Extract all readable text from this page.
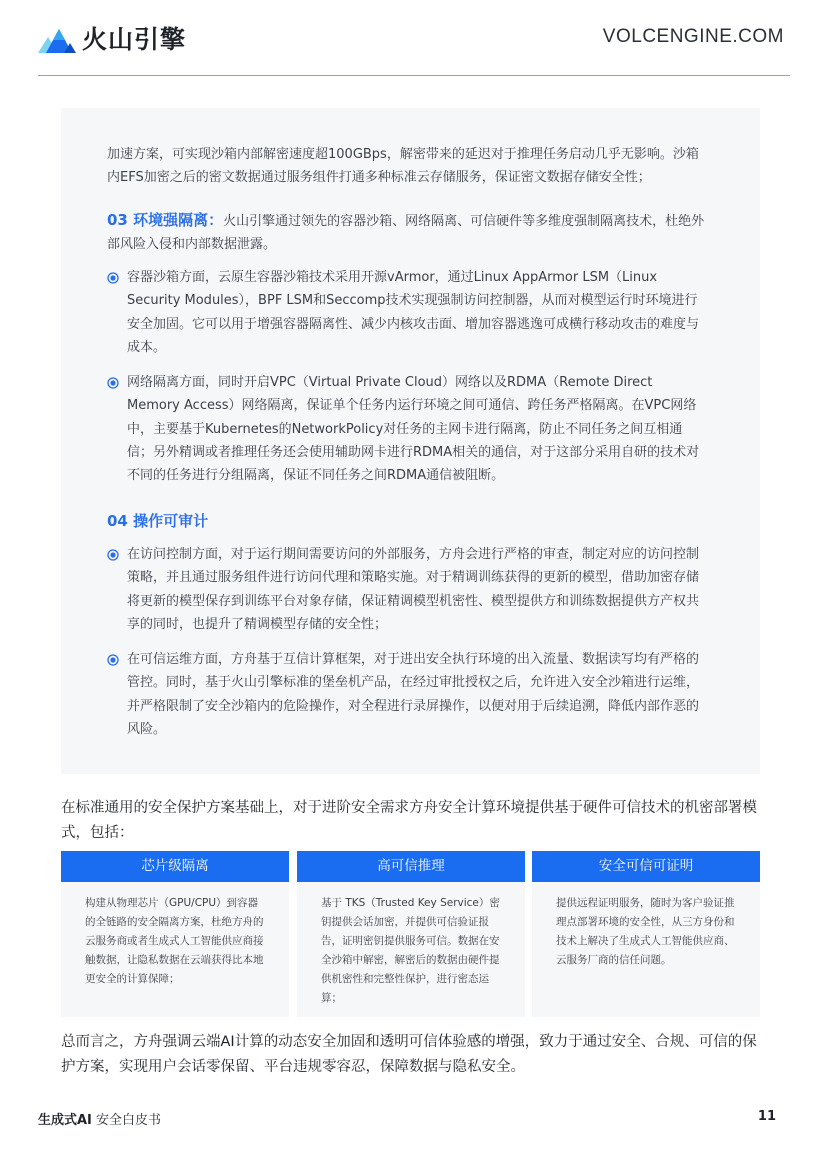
火山引擎	VOLCENGINE.COM
加速方案，可实现沙箱内部解密速度超100GBps，解密带来的延迟对于推理任务启动几乎无影响。沙箱内EFS加密之后的密文数据通过服务组件打通多种标准云存储服务，保证密文数据存储安全性；
03 环境强隔离：火山引擎通过领先的容器沙箱、网络隔离、可信硬件等多维度强制隔离技术，杜绝外部风险入侵和内部数据泄露。
容器沙箱方面，云原生容器沙箱技术采用开源vArmor，通过Linux AppArmor LSM（Linux Security Modules），BPF LSM和Seccomp技术实现强制访问控制器，从而对模型运行时环境进行安全加固。它可以用于增强容器隔离性、减少内核攻击面、增加容器逃逸可成横行移动攻击的难度与成本。
网络隔离方面，同时开启VPC（Virtual Private Cloud）网络以及RDMA（Remote Direct Memory Access）网络隔离，保证单个任务内运行环境之间可通信、跨任务严格隔离。在VPC网络中，主要基于Kubernetes的NetworkPolicy对任务的主网卡进行隔离，防止不同任务之间互相通信；另外精调或者推理任务还会使用辅助网卡进行RDMA相关的通信，对于这部分采用自研的技术对不同的任务进行分组隔离，保证不同任务之间RDMA通信被阻断。
04 操作可审计
在访问控制方面，对于运行期间需要访问的外部服务，方舟会进行严格的审查，制定对应的访问控制策略，并且通过服务组件进行访问代理和策略实施。对于精调训练获得的更新的模型，借助加密存储将更新的模型保存到训练平台对象存储，保证精调模型机密性、模型提供方和训练数据提供方产权共享的同时，也提升了精调模型存储的安全性；
在可信运维方面，方舟基于互信计算框架，对于进出安全执行环境的出入流量、数据读写均有严格的管控。同时，基于火山引擎标准的堡垒机产品，在经过审批授权之后，允许进入安全沙箱进行运维，并严格限制了安全沙箱内的危险操作，对全程进行录屏操作，以便对用于后续追溯，降低内部作恶的风险。
在标准通用的安全保护方案基础上，对于进阶安全需求方舟安全计算环境提供基于硬件可信技术的机密部署模式，包括：
芯片级隔离
构建从物理芯片（GPU/CPU）到容器的全链路的安全隔离方案，杜绝方舟的云服务商或者生成式人工智能供应商接触数据，让隐私数据在云端获得比本地更安全的计算保障；
高可信推理
基于 TKS（Trusted Key Service）密钥提供会话加密，并提供可信验证报告，证明密钥提供服务可信。数据在安全沙箱中解密，解密后的数据由硬件提供机密性和完整性保护，进行密态运算；
安全可信可证明
提供远程证明服务，随时为客户验证推理点部署环境的安全性，从三方身份和技术上解决了生成式人工智能供应商、云服务厂商的信任问题。
总而言之，方舟强调云端AI计算的动态安全加固和透明可信体验感的增强，致力于通过安全、合规、可信的保护方案，实现用户会话零保留、平台违规零容忍，保障数据与隐私安全。
生成式AI 安全白皮书	11
